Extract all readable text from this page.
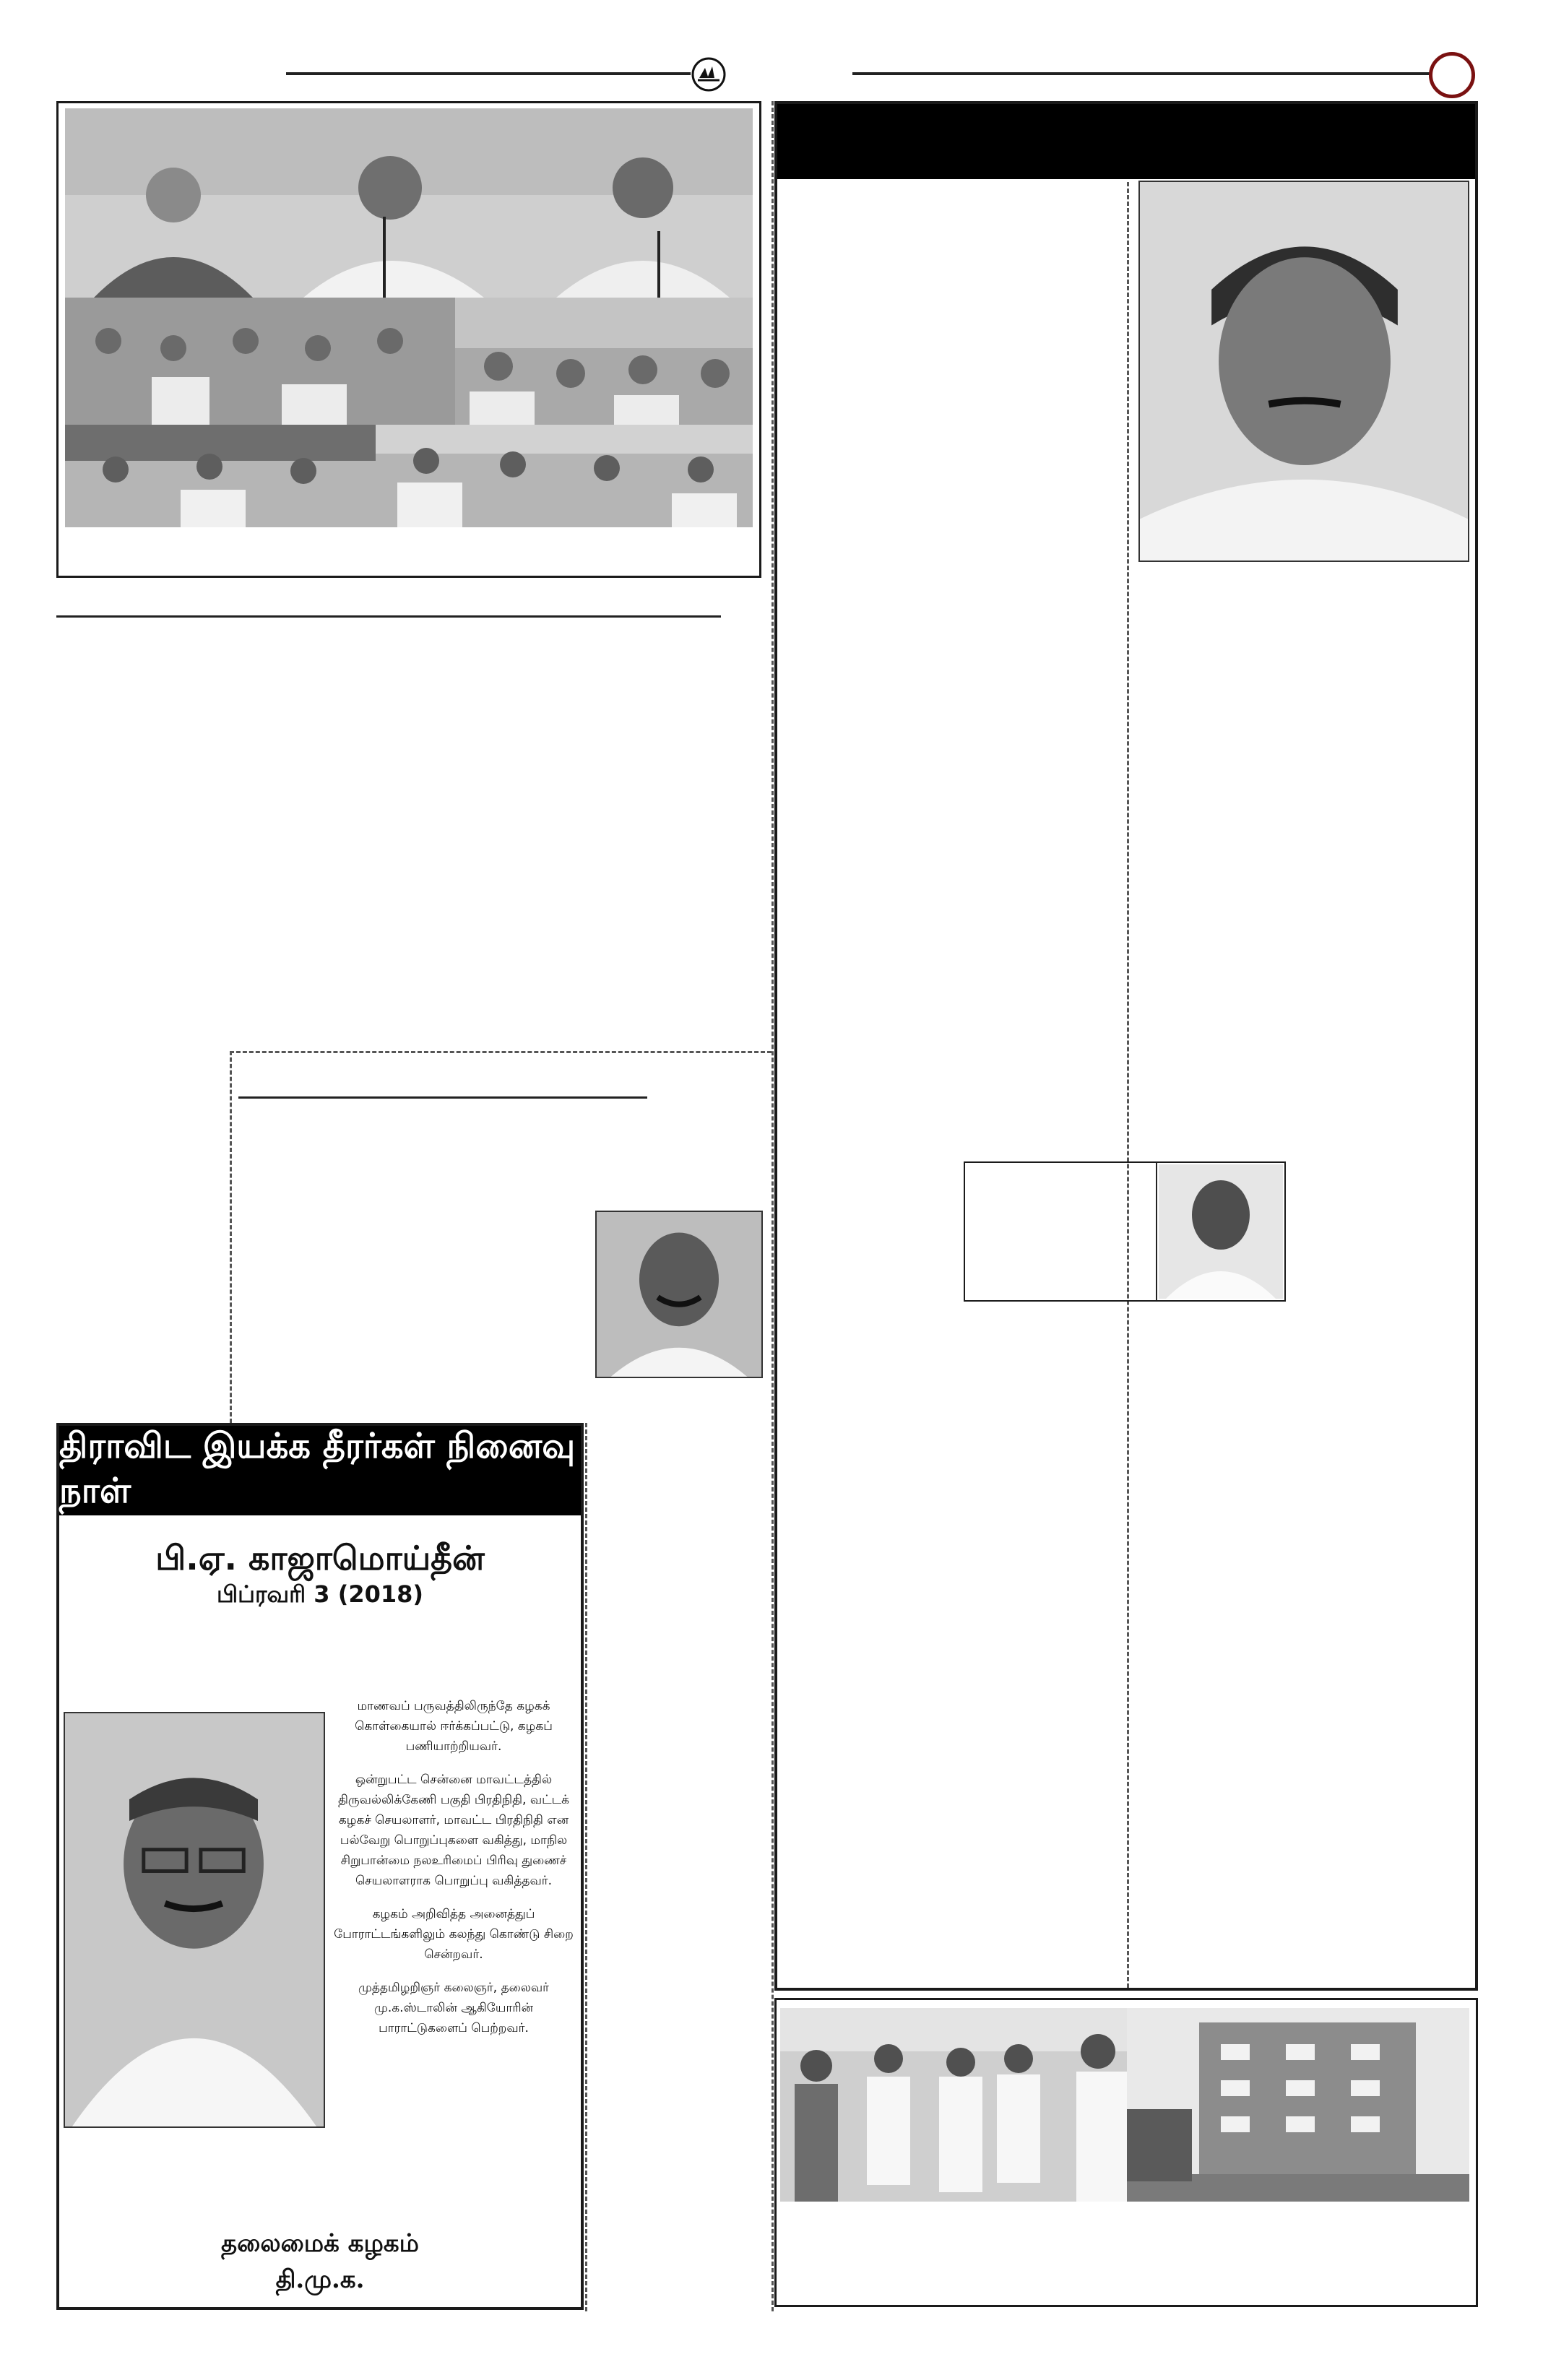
திராவிட இயக்க தீரர்கள் நினைவு நாள்
பி.ஏ. காஜாமொய்தீன்
பிப்ரவரி 3 (2018)

மாணவப் பருவத்திலிருந்தே கழகக் கொள்கையால் ஈர்க்கப்பட்டு, கழகப் பணியாற்றியவர்.

ஒன்றுபட்ட சென்னை மாவட்டத்தில் திருவல்லிக்கேணி பகுதி பிரதிநிதி, வட்டக் கழகச் செயலாளர், மாவட்ட பிரதிநிதி என பல்வேறு பொறுப்புகளை வகித்து, மாநில சிறுபான்மை நலஉரிமைப் பிரிவு துணைச் செயலாளராக பொறுப்பு வகித்தவர்.

கழகம் அறிவித்த அனைத்துப் போராட்டங்களிலும் கலந்து கொண்டு சிறை சென்றவர்.

முத்தமிழறிஞர் கலைஞர், தலைவர் மு.க.ஸ்டாலின் ஆகியோரின் பாராட்டுகளைப் பெற்றவர்.

தலைமைக் கழகம்
தி.மு.க.
